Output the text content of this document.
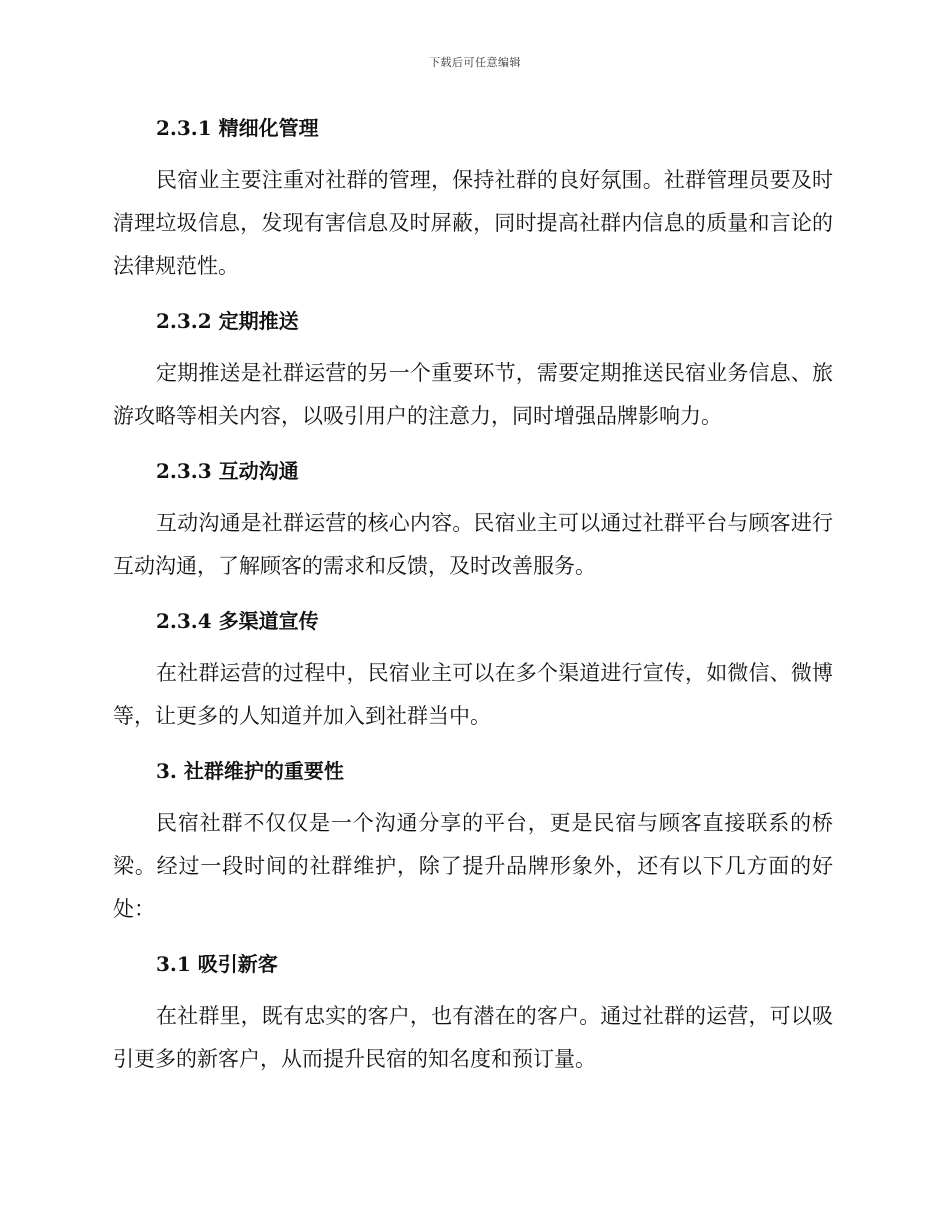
下载后可任意编辑
2.3.1 精细化管理

民宿业主要注重对社群的管理，保持社群的良好氛围。社群管理员要及时清理垃圾信息，发现有害信息及时屏蔽，同时提高社群内信息的质量和言论的法律规范性。

2.3.2 定期推送

定期推送是社群运营的另一个重要环节，需要定期推送民宿业务信息、旅游攻略等相关内容，以吸引用户的注意力，同时增强品牌影响力。

2.3.3 互动沟通

互动沟通是社群运营的核心内容。民宿业主可以通过社群平台与顾客进行互动沟通，了解顾客的需求和反馈，及时改善服务。

2.3.4 多渠道宣传

在社群运营的过程中，民宿业主可以在多个渠道进行宣传，如微信、微博等，让更多的人知道并加入到社群当中。

3. 社群维护的重要性

民宿社群不仅仅是一个沟通分享的平台，更是民宿与顾客直接联系的桥梁。经过一段时间的社群维护，除了提升品牌形象外，还有以下几方面的好处：

3.1 吸引新客

在社群里，既有忠实的客户，也有潜在的客户。通过社群的运营，可以吸引更多的新客户，从而提升民宿的知名度和预订量。
